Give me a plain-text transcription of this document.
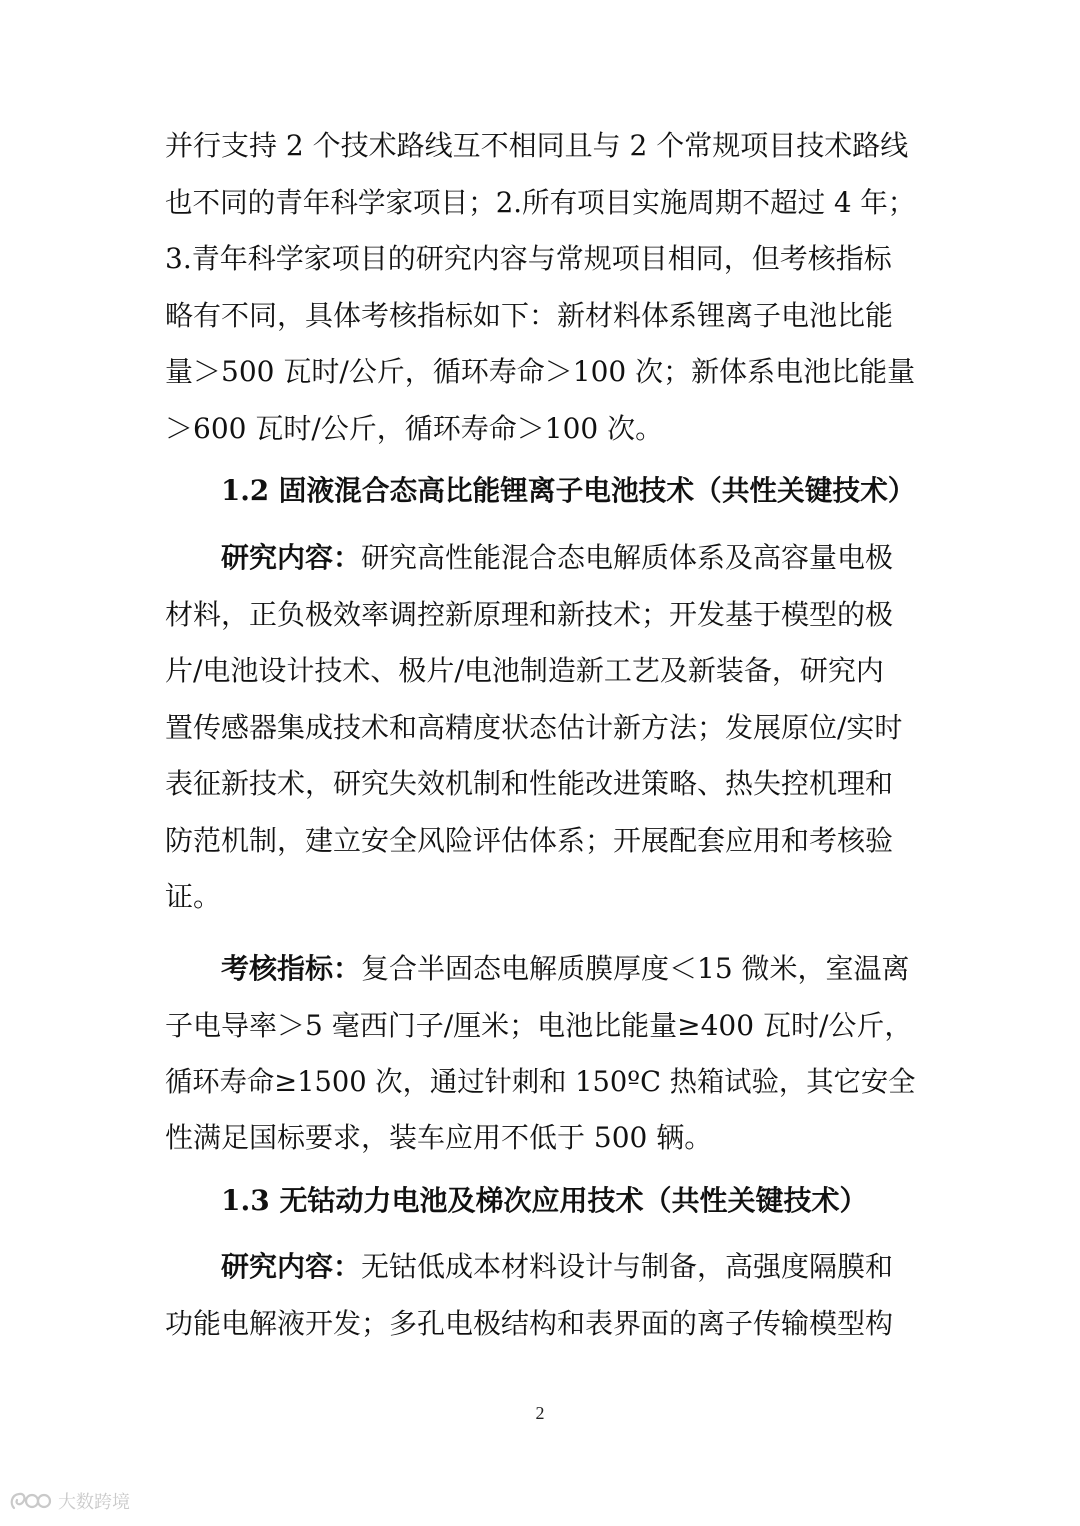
并行支持 2 个技术路线互不相同且与 2 个常规项目技术路线
也不同的青年科学家项目；2.所有项目实施周期不超过 4 年；
3.青年科学家项目的研究内容与常规项目相同，但考核指标
略有不同，具体考核指标如下：新材料体系锂离子电池比能
量＞500 瓦时/公斤，循环寿命＞100 次；新体系电池比能量
＞600 瓦时/公斤，循环寿命＞100 次。
1.2 固液混合态高比能锂离子电池技术（共性关键技术）
研究内容：研究高性能混合态电解质体系及高容量电极
材料，正负极效率调控新原理和新技术；开发基于模型的极
片/电池设计技术、极片/电池制造新工艺及新装备，研究内
置传感器集成技术和高精度状态估计新方法；发展原位/实时
表征新技术，研究失效机制和性能改进策略、热失控机理和
防范机制，建立安全风险评估体系；开展配套应用和考核验
证。
考核指标：复合半固态电解质膜厚度＜15 微米，室温离
子电导率＞5 毫西门子/厘米；电池比能量≥400 瓦时/公斤，
循环寿命≥1500 次，通过针刺和 150ºC 热箱试验，其它安全
性满足国标要求，装车应用不低于 500 辆。
1.3 无钴动力电池及梯次应用技术（共性关键技术）
研究内容：无钴低成本材料设计与制备，高强度隔膜和
功能电解液开发；多孔电极结构和表界面的离子传输模型构
2
大数跨境
